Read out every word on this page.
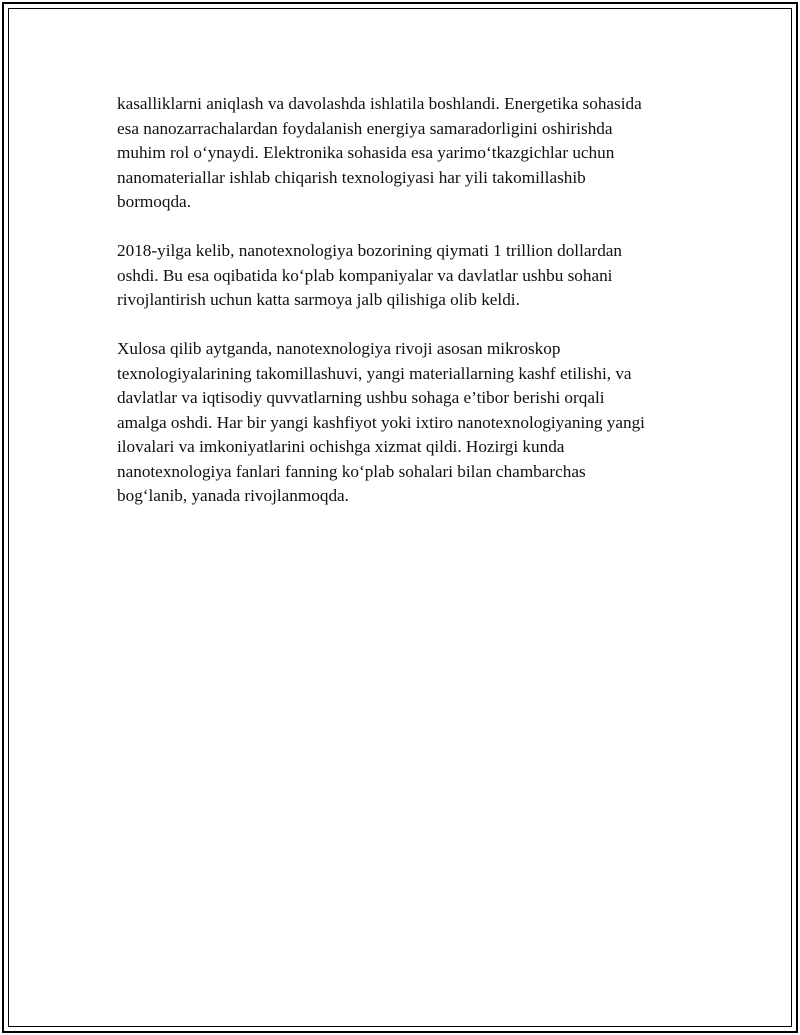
kasalliklarni aniqlash va davolashda ishlatila boshlandi. Energetika sohasida
esa nanozarrachalardan foydalanish energiya samaradorligini oshirishda
muhim rol o‘ynaydi. Elektronika sohasida esa yarimo‘tkazgichlar uchun
nanomateriallar ishlab chiqarish texnologiyasi har yili takomillashib
bormoqda.

2018-yilga kelib, nanotexnologiya bozorining qiymati 1 trillion dollardan
oshdi. Bu esa oqibatida ko‘plab kompaniyalar va davlatlar ushbu sohani
rivojlantirish uchun katta sarmoya jalb qilishiga olib keldi.

Xulosa qilib aytganda, nanotexnologiya rivoji asosan mikroskop
texnologiyalarining takomillashuvi, yangi materiallarning kashf etilishi, va
davlatlar va iqtisodiy quvvatlarning ushbu sohaga e’tibor berishi orqali
amalga oshdi. Har bir yangi kashfiyot yoki ixtiro nanotexnologiyaning yangi
ilovalari va imkoniyatlarini ochishga xizmat qildi. Hozirgi kunda
nanotexnologiya fanlari fanning ko‘plab sohalari bilan chambarchas
bog‘lanib, yanada rivojlanmoqda.
